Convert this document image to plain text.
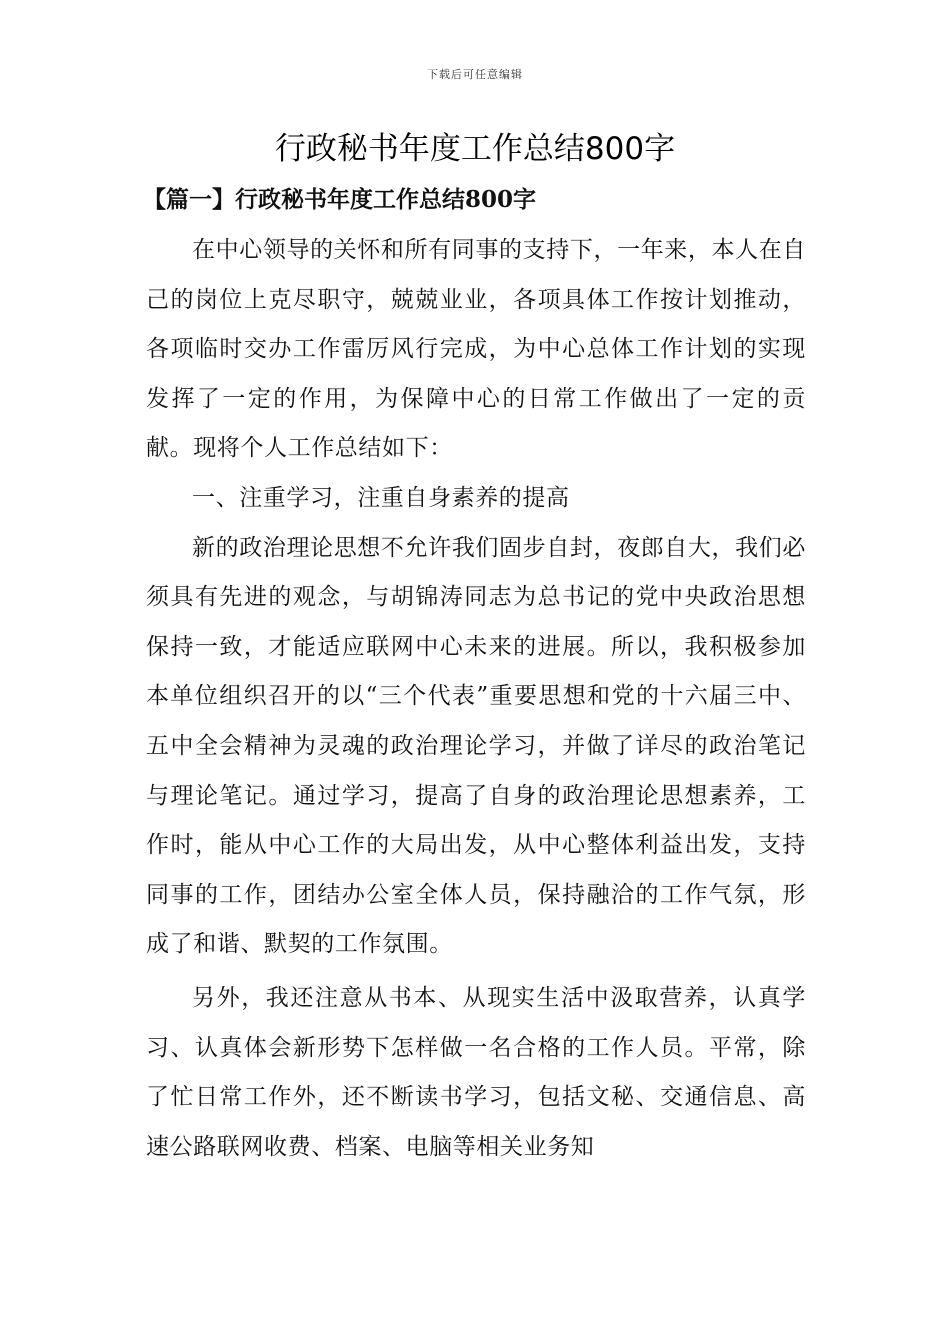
下载后可任意编辑
行政秘书年度工作总结800字
【篇一】行政秘书年度工作总结800字

在中心领导的关怀和所有同事的支持下，一年来，本人在自己的岗位上克尽职守，兢兢业业，各项具体工作按计划推动，各项临时交办工作雷厉风行完成，为中心总体工作计划的实现发挥了一定的作用，为保障中心的日常工作做出了一定的贡献。现将个人工作总结如下：

一、注重学习，注重自身素养的提高

新的政治理论思想不允许我们固步自封，夜郎自大，我们必须具有先进的观念，与胡锦涛同志为总书记的党中央政治思想保持一致，才能适应联网中心未来的进展。所以，我积极参加本单位组织召开的以“三个代表”重要思想和党的十六届三中、五中全会精神为灵魂的政治理论学习，并做了详尽的政治笔记与理论笔记。通过学习，提高了自身的政治理论思想素养，工作时，能从中心工作的大局出发，从中心整体利益出发，支持同事的工作，团结办公室全体人员，保持融洽的工作气氛，形成了和谐、默契的工作氛围。

另外，我还注意从书本、从现实生活中汲取营养，认真学习、认真体会新形势下怎样做一名合格的工作人员。平常，除了忙日常工作外，还不断读书学习，包括文秘、交通信息、高速公路联网收费、档案、电脑等相关业务知
